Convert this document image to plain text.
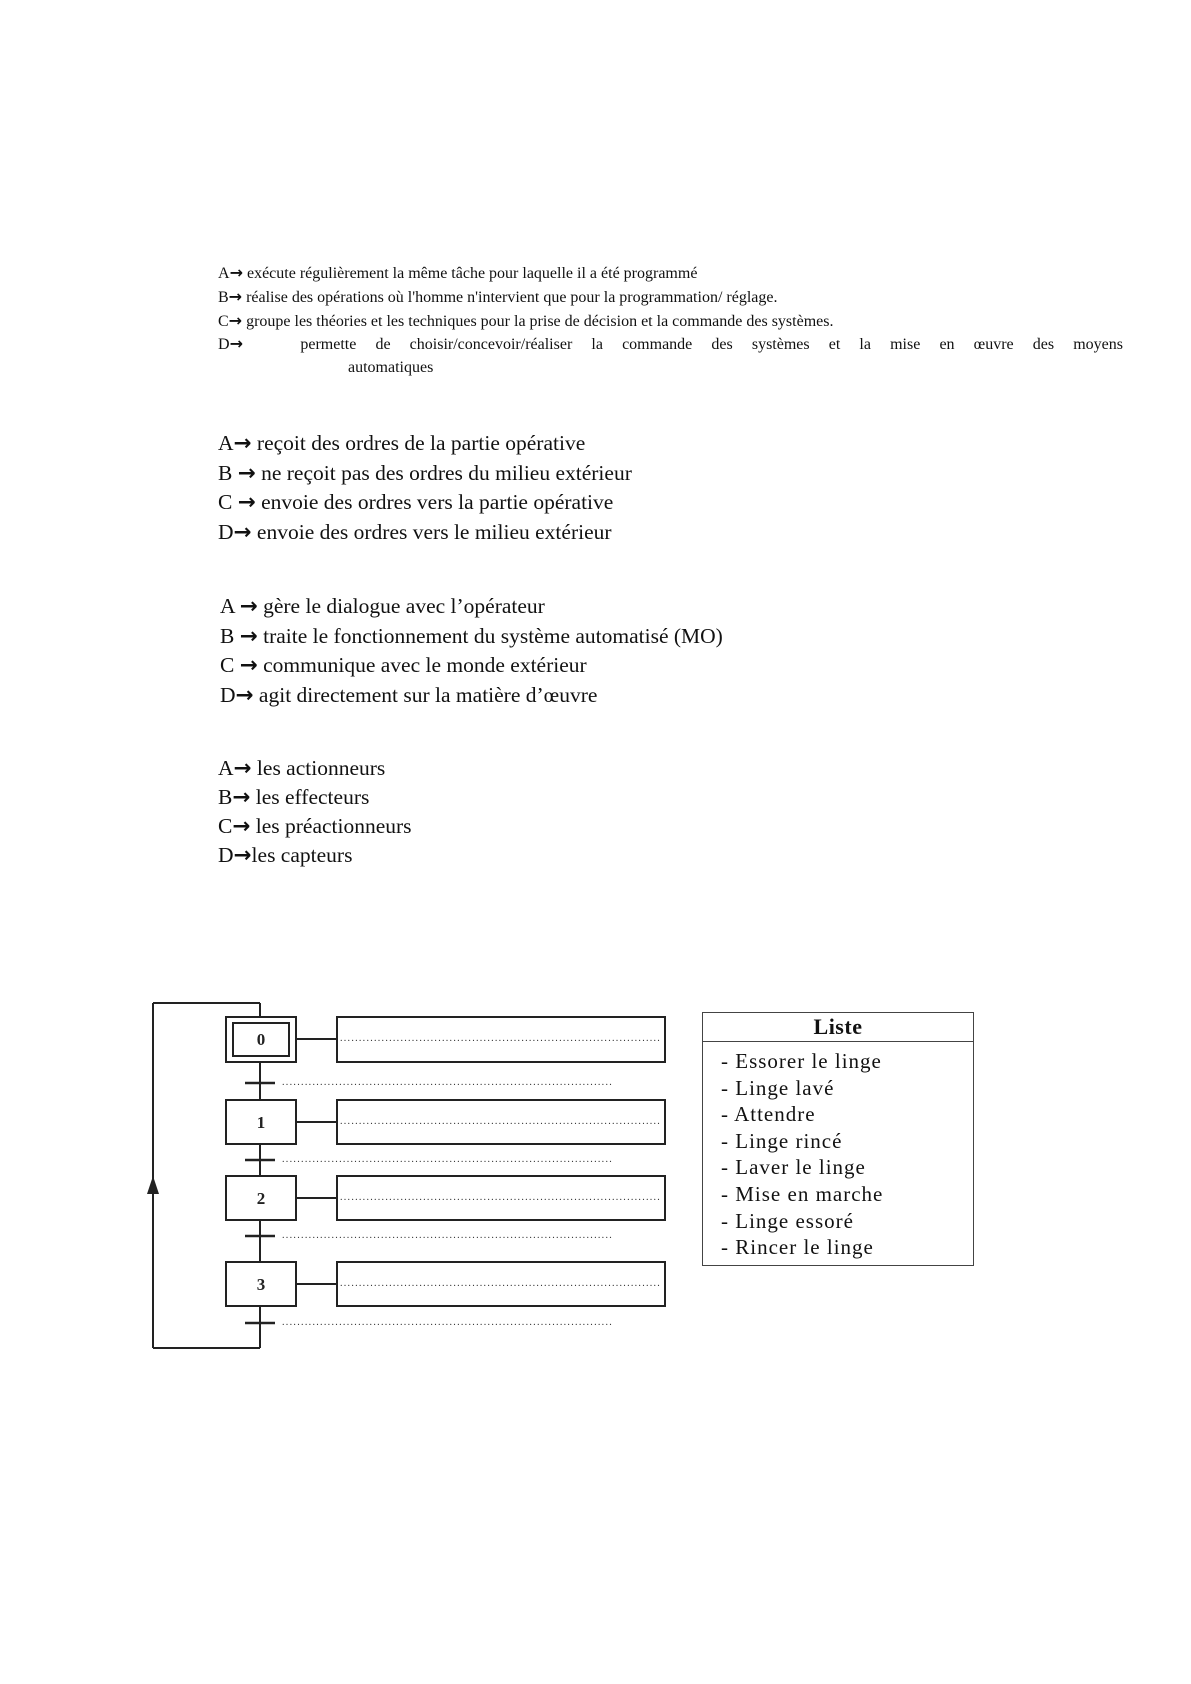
A→ exécute régulièrement la même tâche pour laquelle il a été programmé
B→ réalise des opérations où l'homme n'intervient que pour la programmation/ réglage.
C→ groupe les théories et les techniques pour la prise de décision et la commande des systèmes.
D→	permette de choisir/concevoir/réaliser la commande des systèmes et la mise en œuvre des moyens
automatiques
A→ reçoit des ordres de la partie opérative
B → ne reçoit pas des ordres du milieu extérieur
C → envoie des ordres vers la partie opérative
D→ envoie des ordres vers le milieu extérieur
A → gère le dialogue avec l’opérateur
B → traite le fonctionnement du système automatisé (MO)
C → communique avec le monde extérieur
D→ agit directement sur la matière d’œuvre
A→ les actionneurs
B→ les effecteurs
C→ les préactionneurs
D→les capteurs
0
1
2
3
.....................................................................................
.....................................................................................
.....................................................................................
.....................................................................................
.......................................................................................
.......................................................................................
.......................................................................................
.......................................................................................
Liste
- Essorer le linge
- Linge lavé
- Attendre
- Linge rincé
- Laver le linge
- Mise en marche
- Linge essoré
- Rincer le linge
